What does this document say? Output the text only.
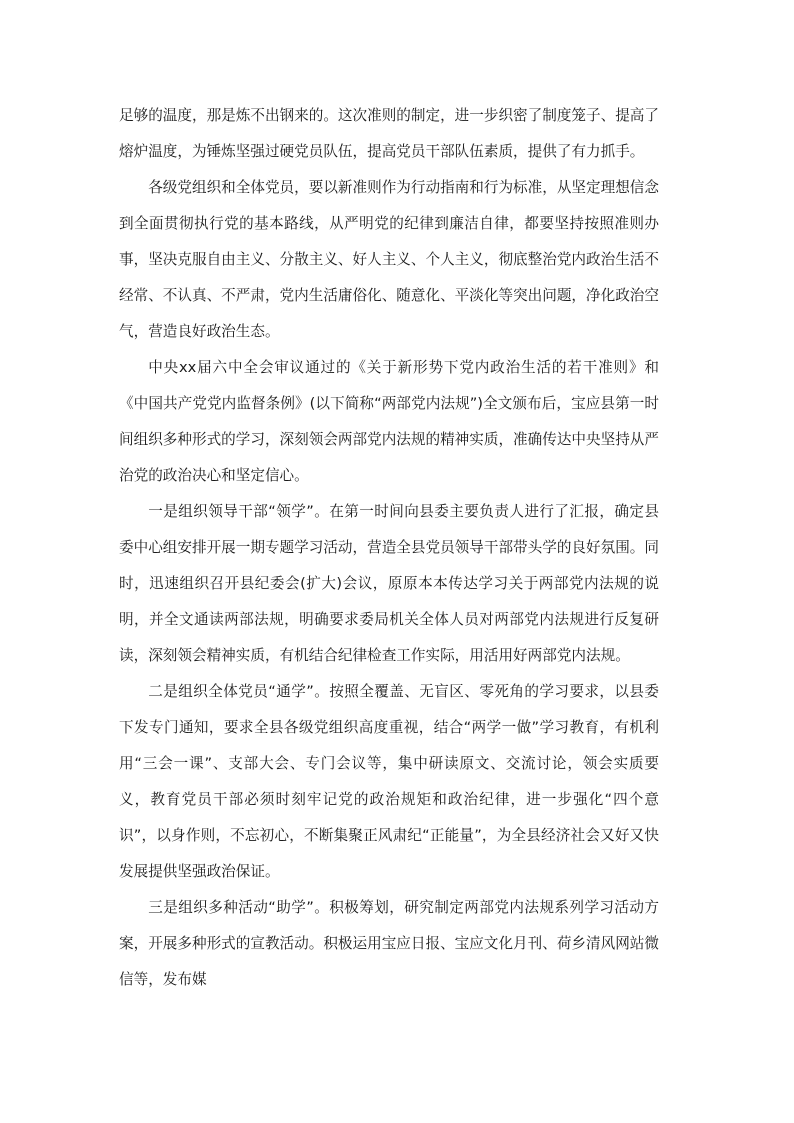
足够的温度，那是炼不出钢来的。这次准则的制定，进一步织密了制度笼子、提高了熔炉温度，为锤炼坚强过硬党员队伍，提高党员干部队伍素质，提供了有力抓手。

各级党组织和全体党员，要以新准则作为行动指南和行为标准，从坚定理想信念到全面贯彻执行党的基本路线，从严明党的纪律到廉洁自律，都要坚持按照准则办事，坚决克服自由主义、分散主义、好人主义、个人主义，彻底整治党内政治生活不经常、不认真、不严肃，党内生活庸俗化、随意化、平淡化等突出问题，净化政治空气，营造良好政治生态。

中央xx届六中全会审议通过的《关于新形势下党内政治生活的若干准则》和《中国共产党党内监督条例》(以下简称“两部党内法规”)全文颁布后，宝应县第一时间组织多种形式的学习，深刻领会两部党内法规的精神实质，准确传达中央坚持从严治党的政治决心和坚定信心。

一是组织领导干部“领学”。在第一时间向县委主要负责人进行了汇报，确定县委中心组安排开展一期专题学习活动，营造全县党员领导干部带头学的良好氛围。同时，迅速组织召开县纪委会(扩大)会议，原原本本传达学习关于两部党内法规的说明，并全文通读两部法规，明确要求委局机关全体人员对两部党内法规进行反复研读，深刻领会精神实质，有机结合纪律检查工作实际，用活用好两部党内法规。

二是组织全体党员“通学”。按照全覆盖、无盲区、零死角的学习要求，以县委下发专门通知，要求全县各级党组织高度重视，结合“两学一做”学习教育，有机利用“三会一课”、支部大会、专门会议等，集中研读原文、交流讨论，领会实质要义，教育党员干部必须时刻牢记党的政治规矩和政治纪律，进一步强化“四个意识”，以身作则，不忘初心，不断集聚正风肃纪“正能量”，为全县经济社会又好又快发展提供坚强政治保证。

三是组织多种活动“助学”。积极筹划，研究制定两部党内法规系列学习活动方案，开展多种形式的宣教活动。积极运用宝应日报、宝应文化月刊、荷乡清风网站微信等，发布媒
